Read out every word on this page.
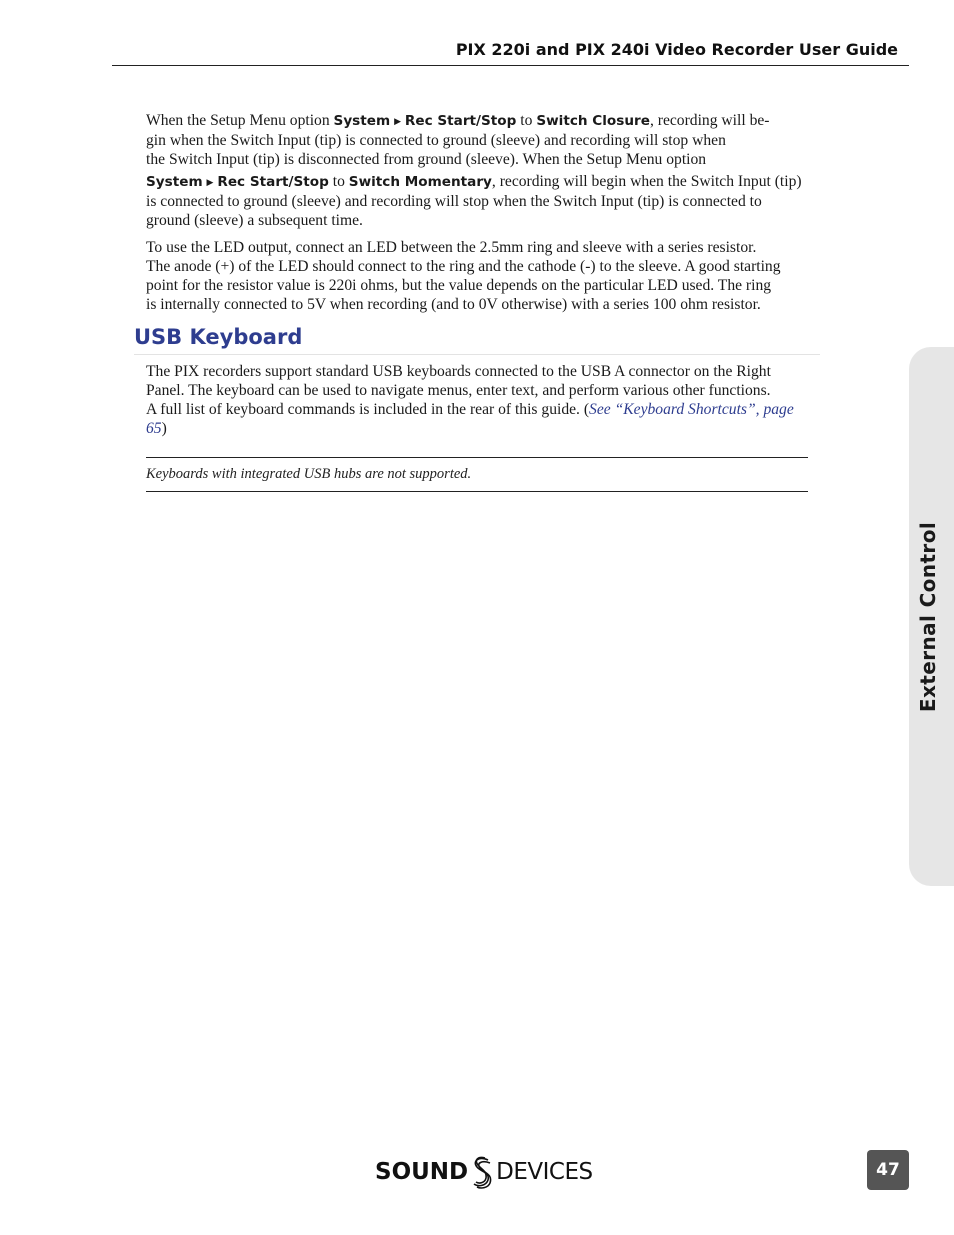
PIX 220i and PIX 240i Video Recorder User Guide
When the Setup Menu option System ▶ Rec Start/Stop to Switch Closure, recording will be-
gin when the Switch Input (tip) is connected to ground (sleeve) and recording will stop when
the Switch Input (tip) is disconnected from ground (sleeve). When the Setup Menu option
System ▶ Rec Start/Stop to Switch Momentary, recording will begin when the Switch Input (tip)
is connected to ground (sleeve) and recording will stop when the Switch Input (tip) is connected to
ground (sleeve) a subsequent time.
To use the LED output, connect an LED between the 2.5mm ring and sleeve with a series resistor.
The anode (+) of the LED should connect to the ring and the cathode (-) to the sleeve. A good starting
point for the resistor value is 220i ohms, but the value depends on the particular LED used. The ring
is internally connected to 5V when recording (and to 0V otherwise) with a series 100 ohm resistor.
USB Keyboard
The PIX recorders support standard USB keyboards connected to the USB A connector on the Right
Panel. The keyboard can be used to navigate menus, enter text, and perform various other functions.
A full list of keyboard commands is included in the rear of this guide. (See “Keyboard Shortcuts”, page
65)
Keyboards with integrated USB hubs are not supported.
External Control
SOUND DEVICES	47
